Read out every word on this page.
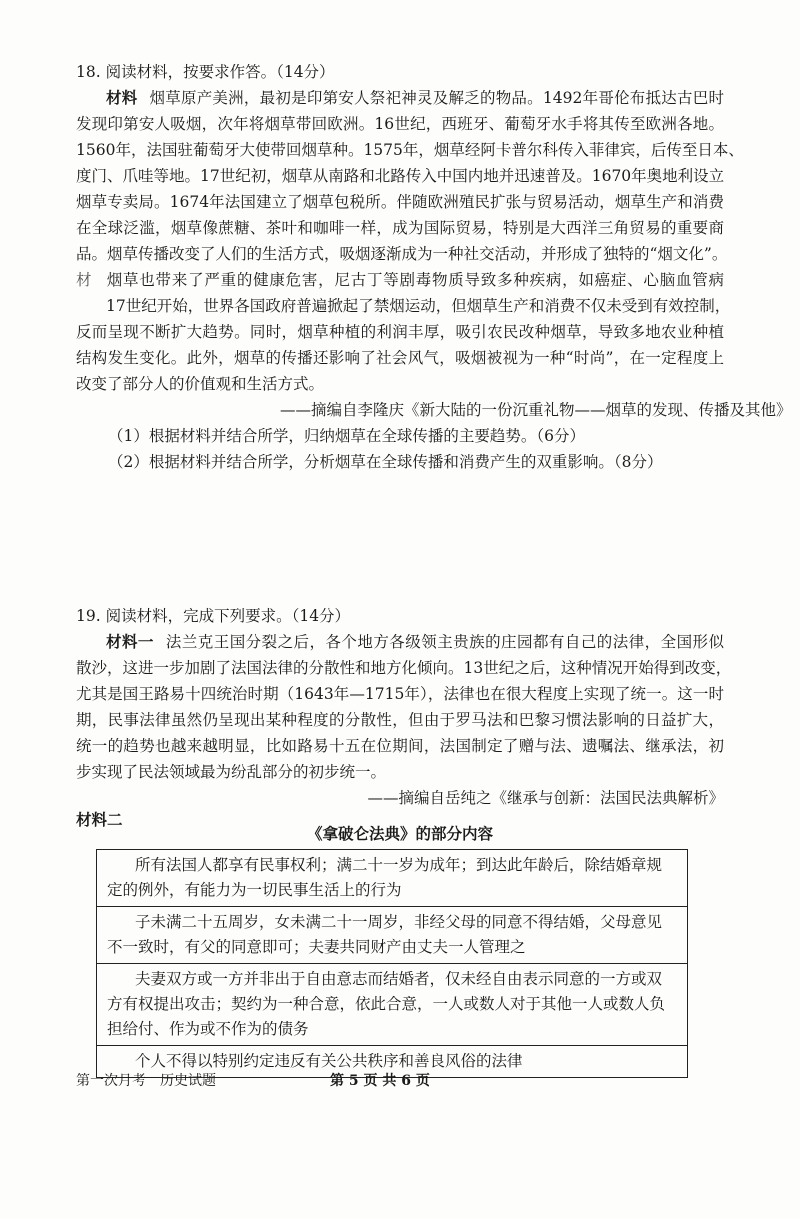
18. 阅读材料，按要求作答。（14分）
材料 烟草原产美洲，最初是印第安人祭祀神灵及解乏的物品。1492年哥伦布抵达古巴时
发现印第安人吸烟，次年将烟草带回欧洲。16世纪，西班牙、葡萄牙水手将其传至欧洲各地。
1560年，法国驻葡萄牙大使带回烟草种。1575年，烟草经阿卡普尔科传入菲律宾，后传至日本、
度门、爪哇等地。17世纪初，烟草从南路和北路传入中国内地并迅速普及。1670年奥地利设立
烟草专卖局。1674年法国建立了烟草包税所。伴随欧洲殖民扩张与贸易活动，烟草生产和消费
在全球泛滥，烟草像蔗糖、茶叶和咖啡一样，成为国际贸易，特别是大西洋三角贸易的重要商
品。烟草传播改变了人们的生活方式，吸烟逐渐成为一种社交活动，并形成了独特的“烟文化”。
材 烟草也带来了严重的健康危害，尼古丁等剧毒物质导致多种疾病，如癌症、心脑血管病
17世纪开始，世界各国政府普遍掀起了禁烟运动，但烟草生产和消费不仅未受到有效控制，
反而呈现不断扩大趋势。同时，烟草种植的利润丰厚，吸引农民改种烟草，导致多地农业种植
结构发生变化。此外，烟草的传播还影响了社会风气，吸烟被视为一种“时尚”，在一定程度上
改变了部分人的价值观和生活方式。
——摘编自李隆庆《新大陆的一份沉重礼物——烟草的发现、传播及其他》
（1）根据材料并结合所学，归纳烟草在全球传播的主要趋势。（6分）
（2）根据材料并结合所学，分析烟草在全球传播和消费产生的双重影响。（8分）
19. 阅读材料，完成下列要求。（14分）
材料一 法兰克王国分裂之后，各个地方各级领主贵族的庄园都有自己的法律，全国形似
散沙，这进一步加剧了法国法律的分散性和地方化倾向。13世纪之后，这种情况开始得到改变，
尤其是国王路易十四统治时期（1643年—1715年），法律也在很大程度上实现了统一。这一时
期，民事法律虽然仍呈现出某种程度的分散性，但由于罗马法和巴黎习惯法影响的日益扩大，
统一的趋势也越来越明显，比如路易十五在位期间，法国制定了赠与法、遗嘱法、继承法，初
步实现了民法领域最为纷乱部分的初步统一。
——摘编自岳纯之《继承与创新：法国民法典解析》
材料二
《拿破仑法典》的部分内容
所有法国人都享有民事权利；满二十一岁为成年；到达此年龄后，除结婚章规
定的例外，有能力为一切民事生活上的行为

子未满二十五周岁，女未满二十一周岁，非经父母的同意不得结婚，父母意见
不一致时，有父的同意即可；夫妻共同财产由丈夫一人管理之

夫妻双方或一方并非出于自由意志而结婚者，仅未经自由表示同意的一方或双
方有权提出攻击；契约为一种合意，依此合意，一人或数人对于其他一人或数人负
担给付、作为或不作为的债务

个人不得以特别约定违反有关公共秩序和善良风俗的法律
第一次月考　历史试题	第 5 页 共 6 页
